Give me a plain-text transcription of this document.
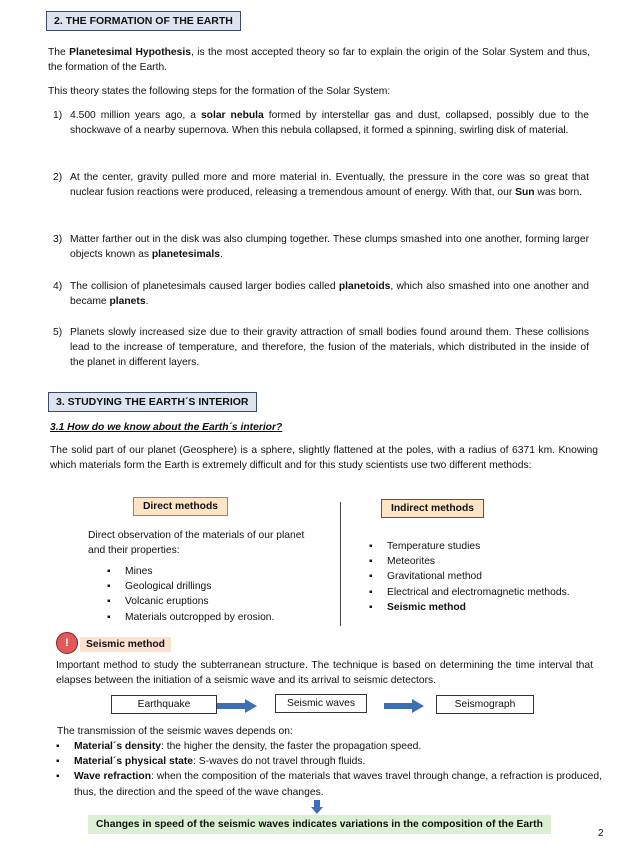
2. THE FORMATION OF THE EARTH

The Planetesimal Hypothesis, is the most accepted theory so far to explain the origin of the Solar System and thus, the formation of the Earth.

This theory states the following steps for the formation of the Solar System:

1) 4.500 million years ago, a solar nebula formed by interstellar gas and dust, collapsed, possibly due to the shockwave of a nearby supernova. When this nebula collapsed, it formed a spinning, swirling disk of material.
2) At the center, gravity pulled more and more material in. Eventually, the pressure in the core was so great that nuclear fusion reactions were produced, releasing a tremendous amount of energy. With that, our Sun was born.
3) Matter farther out in the disk was also clumping together. These clumps smashed into one another, forming larger objects known as planetesimals.
4) The collision of planetesimals caused larger bodies called planetoids, which also smashed into one another and became planets.
5) Planets slowly increased size due to their gravity attraction of small bodies found around them. These collisions lead to the increase of temperature, and therefore, the fusion of the materials, which distributed in the inside of the planet in different layers.
3. STUDYING THE EARTH´S INTERIOR
3.1 How do we know about the Earth´s interior?

The solid part of our planet (Geosphere) is a sphere, slightly flattened at the poles, with a radius of 6371 km. Knowing which materials form the Earth is extremely difficult and for this study scientists use two different methods:

Direct methods

Direct observation of the materials of our planet and their properties:

▪ Mines
▪ Geological drillings
▪ Volcanic eruptions
▪ Materials outcropped by erosion.
Indirect methods
▪ Temperature studies
▪ Meteorites
▪ Gravitational method
▪ Electrical and electromagnetic methods.
▪ Seismic method
!	Seismic method

Important method to study the subterranean structure. The technique is based on determining the time interval that elapses between the initiation of a seismic wave and its arrival to seismic detectors.

Earthquake	Seismic waves	Seismograph

The transmission of the seismic waves depends on:

▪ Material´s density: the higher the density, the faster the propagation speed.
▪ Material´s physical state: S-waves do not travel through fluids.
▪ Wave refraction: when the composition of the materials that waves travel through change, a refraction is produced, thus, the direction and the speed of the wave changes.
Changes in speed of the seismic waves indicates variations in the composition of the Earth
2
